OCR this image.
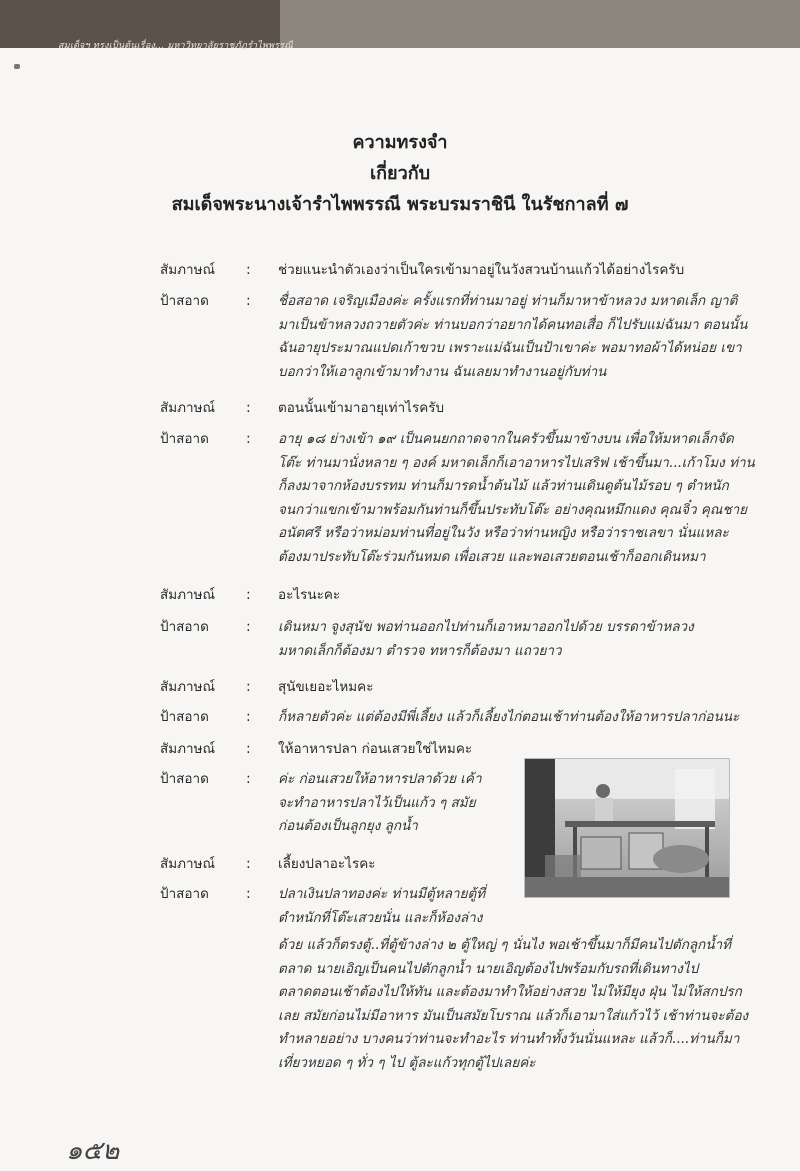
สมเด็จฯ ทรงเป็นต้นเรื่อง... มหาวิทยาลัยราชภัฏรำไพพรรณี
ความทรงจำ
เกี่ยวกับ
สมเด็จพระนางเจ้ารำไพพรรณี พระบรมราชินี ในรัชกาลที่ ๗
สัมภาษณ์ : ช่วยแนะนำตัวเองว่าเป็นใครเข้ามาอยู่ในวังสวนบ้านแก้วได้อย่างไรครับ
ป้าสอาด	: ชื่อสอาด เจริญเมืองค่ะ ครั้งแรกที่ท่านมาอยู่ ท่านก็มาหาข้าหลวง มหาดเล็ก ญาติ
มาเป็นข้าหลวงถวายตัวค่ะ ท่านบอกว่าอยากได้คนทอเสื่อ ก็ไปรับแม่ฉันมา ตอนนั้น
ฉันอายุประมาณแปดเก้าขวบ เพราะแม่ฉันเป็นป้าเขาค่ะ พอมาทอผ้าได้หน่อย เขา
บอกว่าให้เอาลูกเข้ามาทำงาน ฉันเลยมาทำงานอยู่กับท่าน
สัมภาษณ์ : ตอนนั้นเข้ามาอายุเท่าไรครับ
ป้าสอาด	: อายุ ๑๘ ย่างเข้า ๑๙ เป็นคนยกถาดจากในครัวขึ้นมาข้างบน เพื่อให้มหาดเล็กจัด
โต๊ะ ท่านมานั่งหลาย ๆ องค์ มหาดเล็กก็เอาอาหารไปเสริฟ เช้าขึ้นมา...เก้าโมง ท่าน
ก็ลงมาจากห้องบรรทม ท่านก็มารดน้ำต้นไม้ แล้วท่านเดินดูต้นไม้รอบ ๆ ตำหนัก
จนกว่าแขกเข้ามาพร้อมกันท่านก็ขึ้นประทับโต๊ะ อย่างคุณหมึกแดง คุณจิ๋ว คุณชาย
อนัตศรี หรือว่าหม่อมท่านที่อยู่ในวัง หรือว่าท่านหญิง หรือว่าราชเลขา นั่นแหละ
ต้องมาประทับโต๊ะร่วมกันหมด เพื่อเสวย และพอเสวยตอนเช้าก็ออกเดินหมา
สัมภาษณ์ : อะไรนะคะ
ป้าสอาด	: เดินหมา จูงสุนัข พอท่านออกไปท่านก็เอาหมาออกไปด้วย บรรดาข้าหลวง
มหาดเล็กก็ต้องมา ตำรวจ ทหารก็ต้องมา แถวยาว
สัมภาษณ์ : สุนัขเยอะไหมคะ
ป้าสอาด	: ก็หลายตัวค่ะ แต่ต้องมีพี่เลี้ยง แล้วก็เลี้ยงไก่ตอนเช้าท่านต้องให้อาหารปลาก่อนนะ
สัมภาษณ์ : ให้อาหารปลา ก่อนเสวยใช่ไหมคะ
ป้าสอาด	: ค่ะ ก่อนเสวยให้อาหารปลาด้วย เค้า
จะทำอาหารปลาไว้เป็นแก้ว ๆ สมัย
ก่อนต้องเป็นลูกยุง ลูกน้ำ
สัมภาษณ์ : เลี้ยงปลาอะไรคะ
ป้าสอาด	: ปลาเงินปลาทองค่ะ ท่านมีตู้หลายตู้ที่
ตำหนักที่โต๊ะเสวยนั่น และก็ห้องล่าง
ด้วย แล้วก็ตรงตู้..ที่ตู้ข้างล่าง ๒ ตู้ใหญ่ ๆ นั่นไง พอเช้าขึ้นมาก็มีคนไปตักลูกน้ำที่
ตลาด นายเอิญเป็นคนไปตักลูกน้ำ นายเอิญต้องไปพร้อมกับรถที่เดินทางไป
ตลาดตอนเช้าต้องไปให้ทัน และต้องมาทำให้อย่างสวย ไม่ให้มียุง ฝุ่น ไม่ให้สกปรก
เลย สมัยก่อนไม่มีอาหาร มันเป็นสมัยโบราณ แล้วก็เอามาใส่แก้วไว้ เช้าท่านจะต้อง
ทำหลายอย่าง บางคนว่าท่านจะทำอะไร ท่านทำทั้งวันนั่นแหละ แล้วก็....ท่านก็มา
เที่ยวหยอด ๆ ทั่ว ๆ ไป ตู้ละแก้วทุกตู้ไปเลยค่ะ
๑๕๒
